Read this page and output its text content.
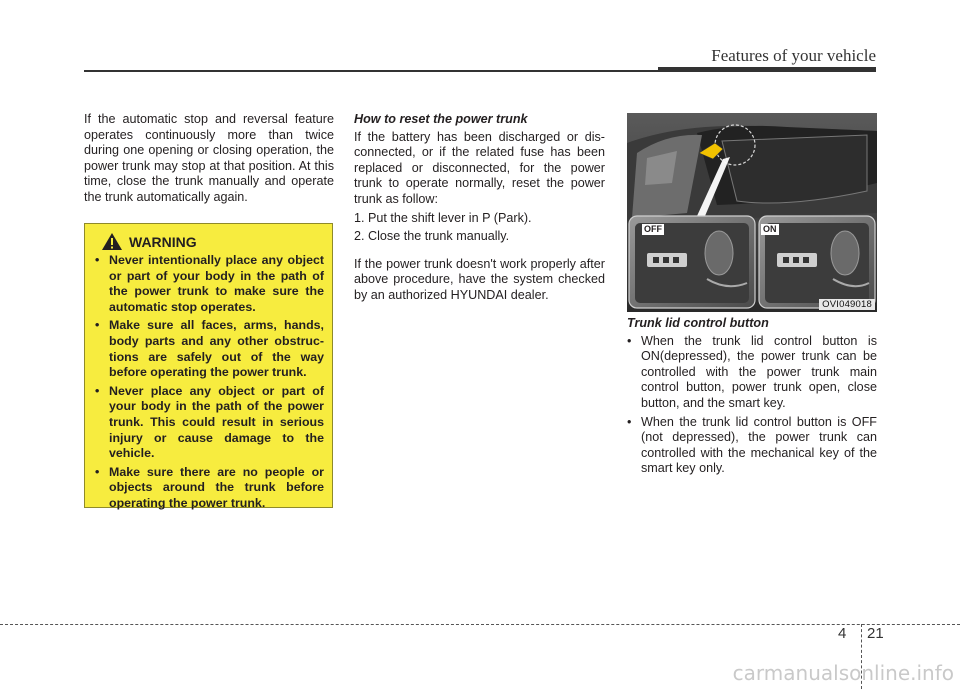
Features of your vehicle

If the automatic stop and reversal feature operates continuously more than twice during one opening or closing operation, the power trunk may stop at that position. At this time, close the trunk manually and operate the trunk automatically again.

WARNING
• Never intentionally place any object or part of your body in the path of the power trunk to make sure the automatic stop operates.
• Make sure all faces, arms, hands, body parts and any other obstruc-tions are safely out of the way before operating the power trunk.
• Never place any object or part of your body in the path of the power trunk. This could result in serious injury or cause damage to the vehicle.
• Make sure there are no people or objects around the trunk before operating the power trunk.
How to reset the power trunk

If the battery has been discharged or dis-connected, or if the related fuse has been replaced or disconnected, for the power trunk to operate normally, reset the power trunk as follow:

1. Put the shift lever in P (Park).

2. Close the trunk manually.

If the power trunk doesn't work properly after above procedure, have the system checked by an authorized HYUNDAI dealer.

OFF	ON
OVI049018
Trunk lid control button
• When the trunk lid control button is ON(depressed), the power trunk can be controlled with the power trunk main control button, power trunk open, close button, and the smart key.
• When the trunk lid control button is OFF (not depressed), the power trunk can controlled with the mechanical key of the smart key only.
4 21
carmanualsonline.info
